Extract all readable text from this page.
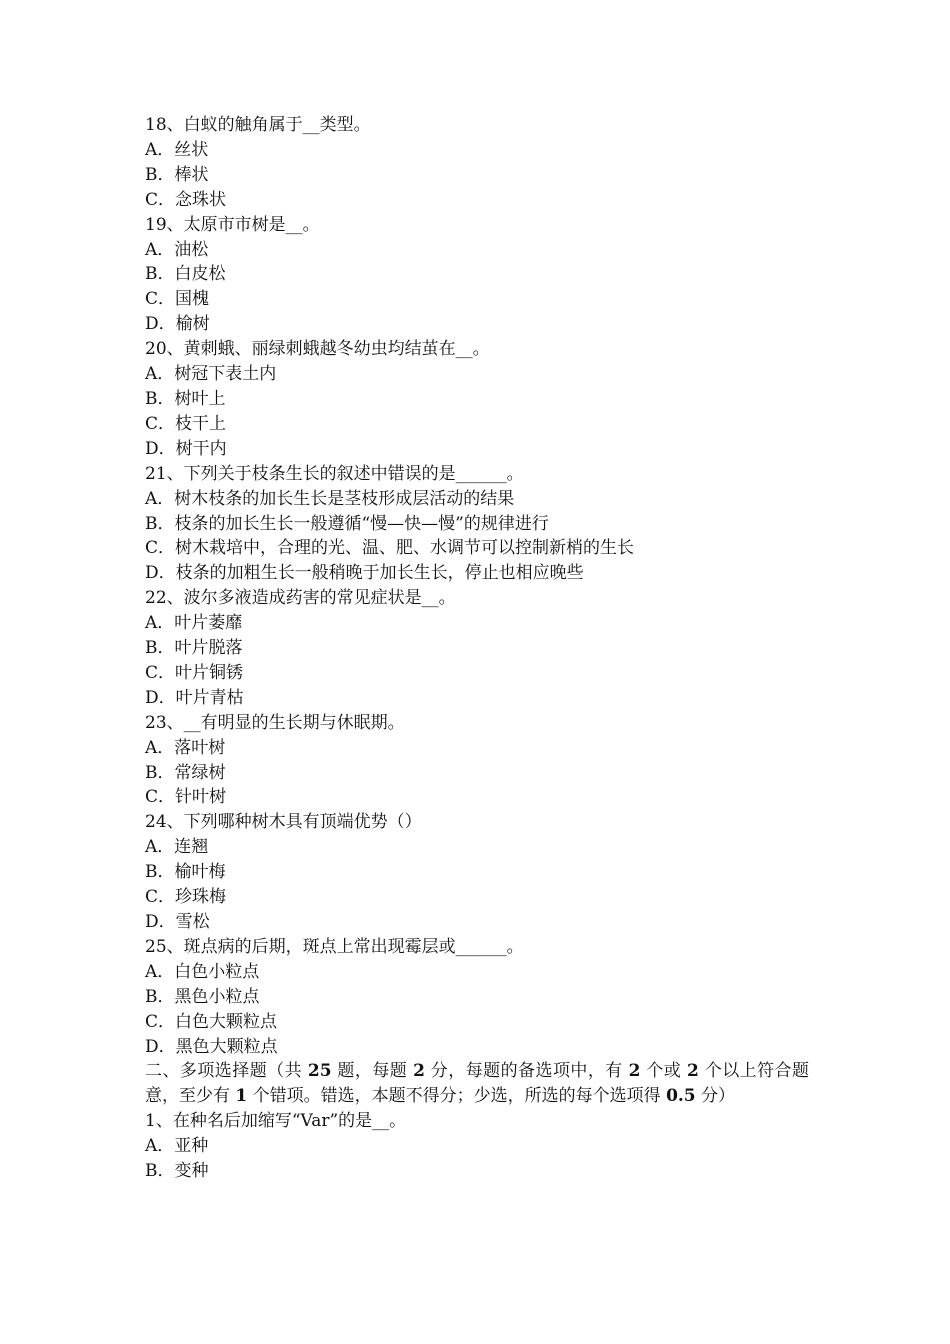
18、白蚁的触角属于__类型。
A．丝状
B．棒状
C．念珠状
19、太原市市树是__。
A．油松
B．白皮松
C．国槐
D．榆树
20、黄刺蛾、丽绿刺蛾越冬幼虫均结茧在__。
A．树冠下表土内
B．树叶上
C．枝干上
D．树干内
21、下列关于枝条生长的叙述中错误的是______。
A．树木枝条的加长生长是茎枝形成层活动的结果
B．枝条的加长生长一般遵循“慢—快—慢”的规律进行
C．树木栽培中，合理的光、温、肥、水调节可以控制新梢的生长
D．枝条的加粗生长一般稍晚于加长生长，停止也相应晚些
22、波尔多液造成药害的常见症状是__。
A．叶片萎靡
B．叶片脱落
C．叶片铜锈
D．叶片青枯
23、__有明显的生长期与休眠期。
A．落叶树
B．常绿树
C．针叶树
24、下列哪种树木具有顶端优势（）
A．连翘
B．榆叶梅
C．珍珠梅
D．雪松
25、斑点病的后期，斑点上常出现霉层或______。
A．白色小粒点
B．黑色小粒点
C．白色大颗粒点
D．黑色大颗粒点
二、多项选择题（共 25 题，每题 2 分，每题的备选项中，有 2 个或 2 个以上符合题意，至少有 1 个错项。错选，本题不得分；少选，所选的每个选项得 0.5 分）
1、在种名后加缩写“Var”的是__。
A．亚种
B．变种
